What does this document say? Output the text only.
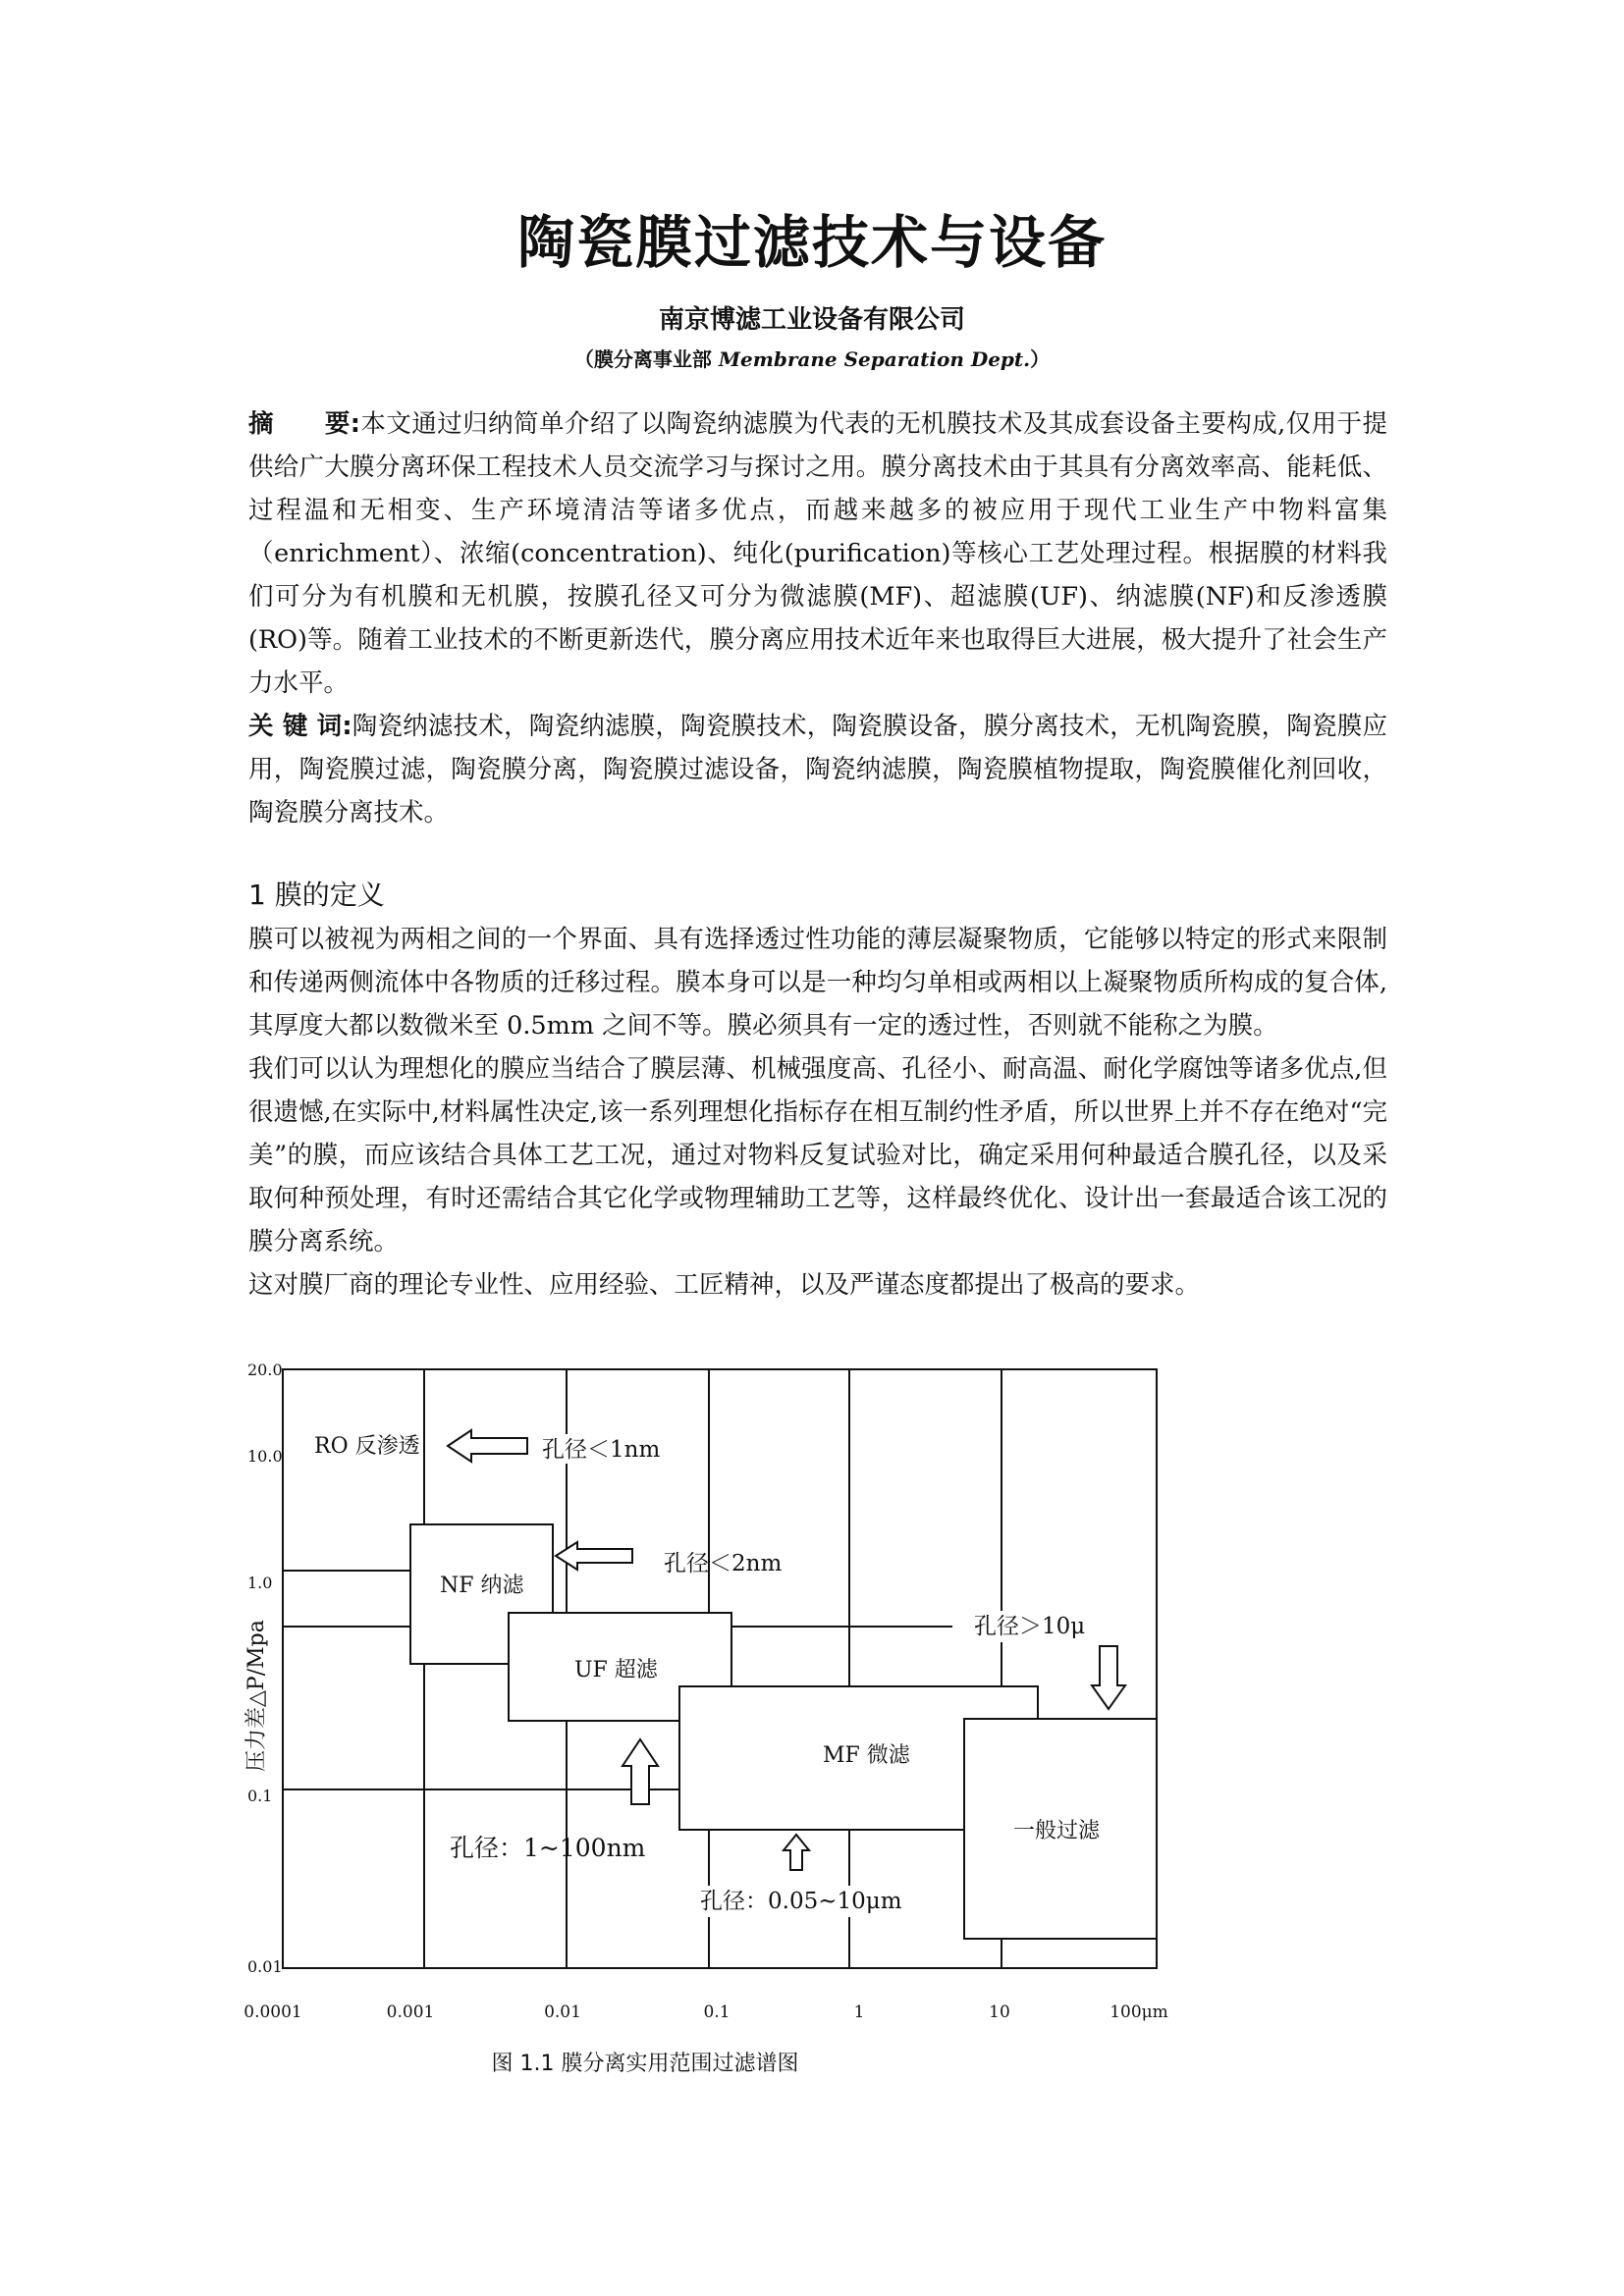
陶瓷膜过滤技术与设备
南京博滤工业设备有限公司
（膜分离事业部 Membrane Separation Dept.）
摘　　要:本文通过归纳简单介绍了以陶瓷纳滤膜为代表的无机膜技术及其成套设备主要构成,仅用于提供给广大膜分离环保工程技术人员交流学习与探讨之用。膜分离技术由于其具有分离效率高、能耗低、过程温和无相变、生产环境清洁等诸多优点，而越来越多的被应用于现代工业生产中物料富集（enrichment）、浓缩(concentration)、纯化(purification)等核心工艺处理过程。根据膜的材料我们可分为有机膜和无机膜，按膜孔径又可分为微滤膜(MF)、超滤膜(UF)、纳滤膜(NF)和反渗透膜(RO)等。随着工业技术的不断更新迭代，膜分离应用技术近年来也取得巨大进展，极大提升了社会生产力水平。
关 键 词:陶瓷纳滤技术，陶瓷纳滤膜，陶瓷膜技术，陶瓷膜设备，膜分离技术，无机陶瓷膜，陶瓷膜应用，陶瓷膜过滤，陶瓷膜分离，陶瓷膜过滤设备，陶瓷纳滤膜，陶瓷膜植物提取，陶瓷膜催化剂回收，陶瓷膜分离技术。
1 膜的定义

膜可以被视为两相之间的一个界面、具有选择透过性功能的薄层凝聚物质，它能够以特定的形式来限制和传递两侧流体中各物质的迁移过程。膜本身可以是一种均匀单相或两相以上凝聚物质所构成的复合体,其厚度大都以数微米至 0.5mm 之间不等。膜必须具有一定的透过性，否则就不能称之为膜。

我们可以认为理想化的膜应当结合了膜层薄、机械强度高、孔径小、耐高温、耐化学腐蚀等诸多优点,但很遗憾,在实际中,材料属性决定,该一系列理想化指标存在相互制约性矛盾，所以世界上并不存在绝对“完美”的膜，而应该结合具体工艺工况，通过对物料反复试验对比，确定采用何种最适合膜孔径，以及采取何种预处理，有时还需结合其它化学或物理辅助工艺等，这样最终优化、设计出一套最适合该工况的膜分离系统。

这对膜厂商的理论专业性、应用经验、工匠精神，以及严谨态度都提出了极高的要求。

RO 反渗透
NF 纳滤
UF 超滤
MF 微滤
一般过滤
孔径＜1nm
孔径＜2nm
孔径＞10μ
孔径：1~100nm
孔径：0.05~10μm
20.0
10.0
1.0
0.1
0.01
压力差△P/Mpa
0.0001	0.001	0.01	0.1	1	10	100μm
图 1.1 膜分离实用范围过滤谱图
